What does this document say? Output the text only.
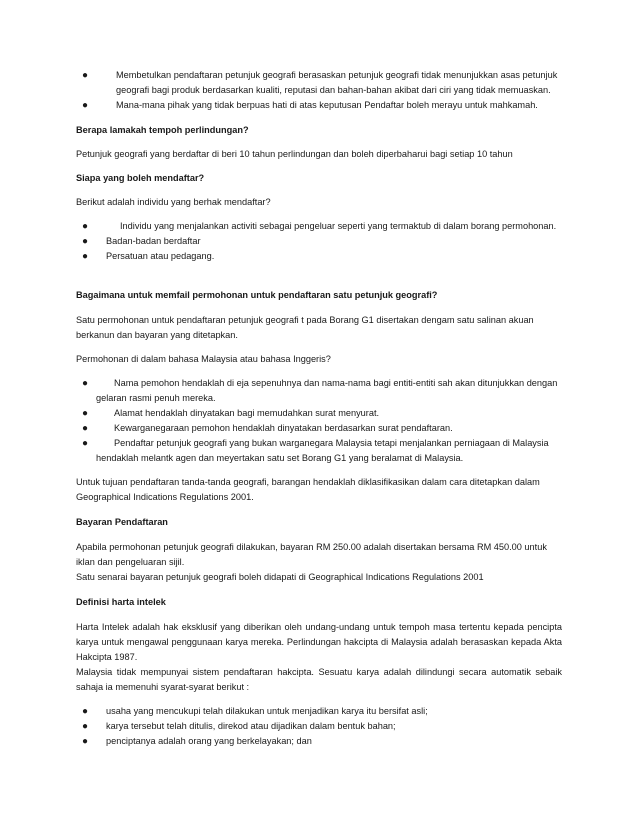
●	Membetulkan pendaftaran petunjuk geografi berasaskan petunjuk geografi tidak menunjukkan asas petunjuk geografi bagi produk berdasarkan kualiti, reputasi dan bahan-bahan akibat dari ciri yang tidak memuaskan.
●	Mana-mana pihak yang tidak berpuas hati di atas keputusan Pendaftar boleh merayu untuk mahkamah.
Berapa lamakah tempoh perlindungan?

Petunjuk geografi yang berdaftar di beri 10 tahun perlindungan dan boleh diperbaharui bagi setiap 10 tahun

Siapa yang boleh mendaftar?

Berikut adalah individu yang berhak mendaftar?

●	Individu yang menjalankan activiti sebagai pengeluar seperti yang termaktub di dalam borang permohonan.
●	Badan-badan berdaftar
●	Persatuan atau pedagang.
Bagaimana untuk memfail permohonan untuk pendaftaran satu petunjuk geografi?

Satu permohonan untuk pendaftaran petunjuk geografi t pada Borang G1 disertakan dengam satu salinan akuan berkanun dan bayaran yang ditetapkan.

Permohonan di dalam bahasa Malaysia atau bahasa Inggeris?

●	Nama pemohon hendaklah di eja sepenuhnya dan nama-nama bagi entiti-entiti sah akan ditunjukkan dengan gelaran rasmi penuh mereka.
●	Alamat hendaklah dinyatakan bagi memudahkan surat menyurat.
●	Kewarganegaraan pemohon hendaklah dinyatakan berdasarkan surat pendaftaran.
●	Pendaftar petunjuk geografi yang bukan warganegara Malaysia tetapi menjalankan perniagaan di Malaysia hendaklah melantk agen dan meyertakan satu set Borang G1 yang beralamat di Malaysia.

Untuk tujuan pendaftaran tanda-tanda geografi, barangan hendaklah diklasifikasikan dalam cara ditetapkan dalam Geographical Indications Regulations 2001.

Bayaran Pendaftaran

Apabila permohonan petunjuk geografi dilakukan, bayaran RM 250.00 adalah disertakan bersama RM 450.00 untuk iklan dan pengeluaran sijil.

Satu senarai bayaran petunjuk geografi boleh didapati di Geographical Indications Regulations 2001

Definisi harta intelek

Harta Intelek adalah hak eksklusif yang diberikan oleh undang-undang untuk tempoh masa tertentu kepada pencipta karya untuk mengawal penggunaan karya mereka. Perlindungan hakcipta di Malaysia adalah berasaskan kepada Akta Hakcipta 1987.

Malaysia tidak mempunyai sistem pendaftaran hakcipta. Sesuatu karya adalah dilindungi secara automatik sebaik sahaja ia memenuhi syarat-syarat berikut :

●	usaha yang mencukupi telah dilakukan untuk menjadikan karya itu bersifat asli;
●	karya tersebut telah ditulis, direkod atau dijadikan dalam bentuk bahan;
●	penciptanya adalah orang yang berkelayakan; dan
